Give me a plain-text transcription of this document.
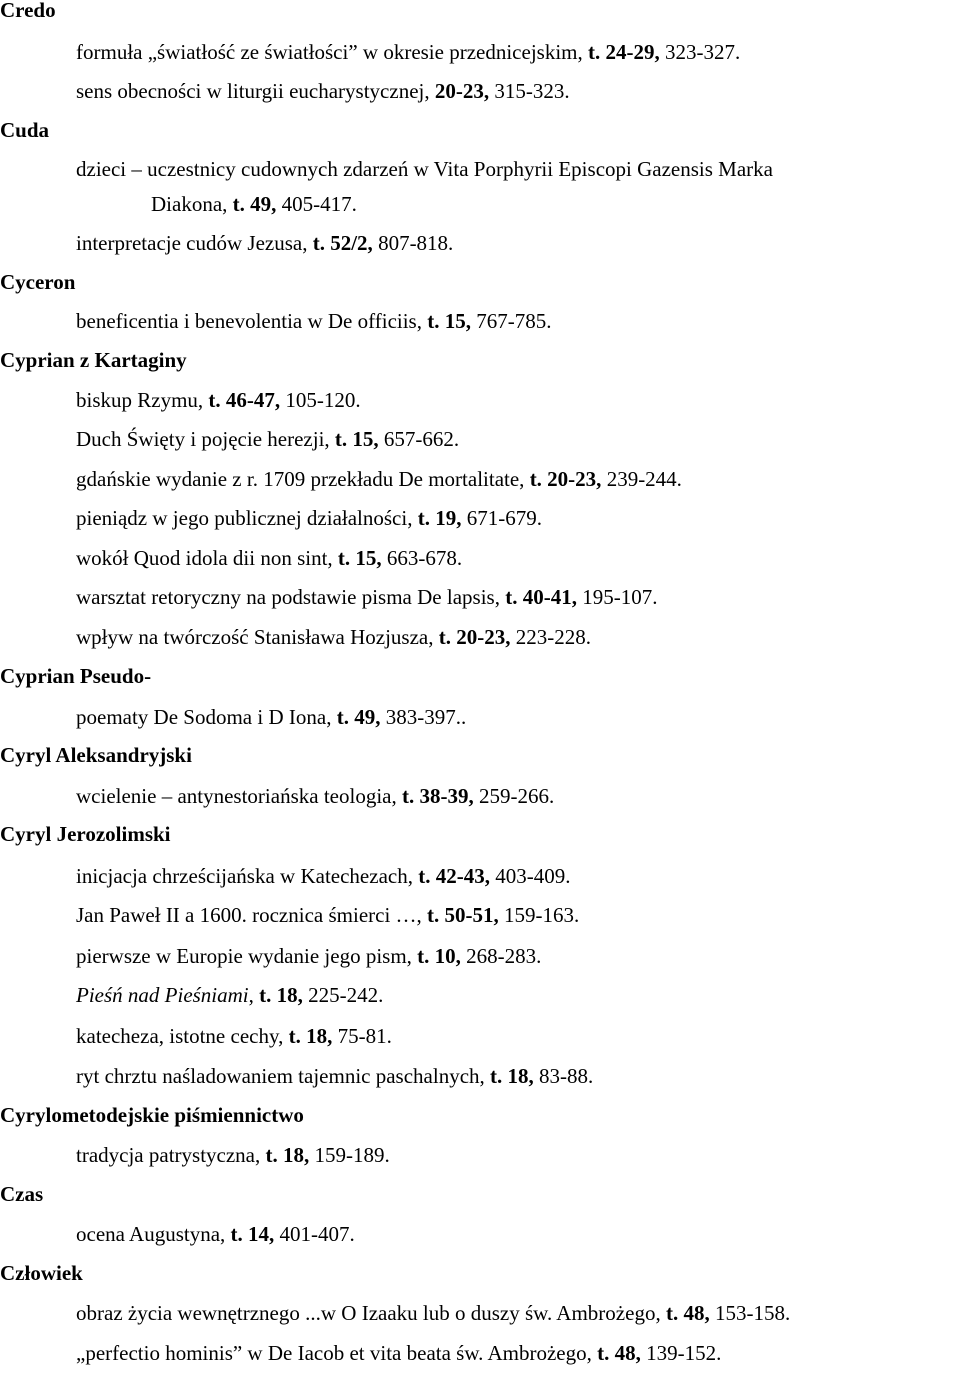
Credo
formuła „światłość ze światłości” w okresie przednicejskim, t. 24-29, 323-327.
sens obecności w liturgii eucharystycznej, 20-23, 315-323.
Cuda
dzieci – uczestnicy cudownych zdarzeń w Vita Porphyrii Episcopi Gazensis Marka
Diakona, t. 49, 405-417.
interpretacje cudów Jezusa, t. 52/2, 807-818.
Cyceron
beneficentia i benevolentia w De officiis, t. 15, 767-785.
Cyprian z Kartaginy
biskup Rzymu, t. 46-47, 105-120.
Duch Święty i pojęcie herezji, t. 15, 657-662.
gdańskie wydanie z r. 1709 przekładu De mortalitate, t. 20-23, 239-244.
pieniądz w jego publicznej działalności, t. 19, 671-679.
wokół Quod idola dii non sint, t. 15, 663-678.
warsztat retoryczny na podstawie pisma De lapsis, t. 40-41, 195-107.
wpływ na twórczość Stanisława Hozjusza, t. 20-23, 223-228.
Cyprian Pseudo-
poematy De Sodoma i D Iona, t. 49, 383-397..
Cyryl Aleksandryjski
wcielenie – antynestoriańska teologia, t. 38-39, 259-266.
Cyryl Jerozolimski
inicjacja chrześcijańska w Katechezach, t. 42-43, 403-409.
Jan Paweł II a 1600. rocznica śmierci …, t. 50-51, 159-163.
pierwsze w Europie wydanie jego pism, t. 10, 268-283.
Pieśń nad Pieśniami, t. 18, 225-242.
katecheza, istotne cechy, t. 18, 75-81.
ryt chrztu naśladowaniem tajemnic paschalnych, t. 18, 83-88.
Cyrylometodejskie piśmiennictwo
tradycja patrystyczna, t. 18, 159-189.
Czas
ocena Augustyna, t. 14, 401-407.
Człowiek
obraz życia wewnętrznego ...w O Izaaku lub o duszy św. Ambrożego, t. 48, 153-158.
„perfectio hominis” w De Iacob et vita beata św. Ambrożego, t. 48, 139-152.
